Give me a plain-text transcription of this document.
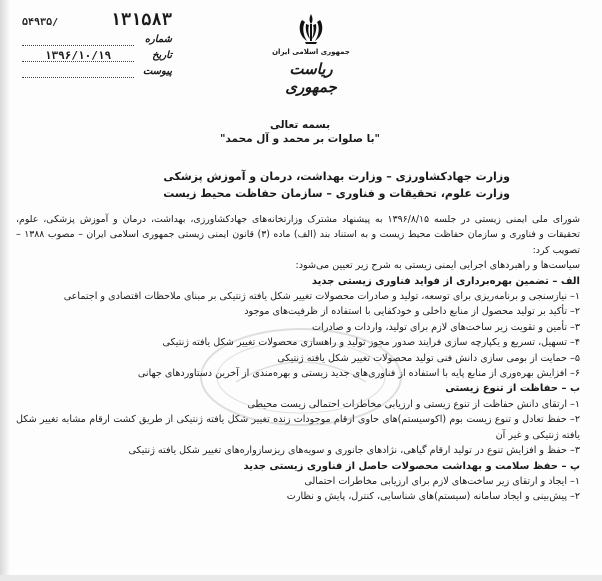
۵۴۹۳۵/	۱۳۱۵۸۳
شماره
تاریخ
۱۳۹۶/۱۰/۱۹
پیوست
جمهوری اسلامی ایران
ریاست جمهوری
بسمه تعالی
"با صلوات بر محمد و آل محمد"
وزارت جهادکشاورزی – وزارت بهداشت، درمان و آموزش پزشکی
وزارت علوم، تحقیقات و فناوری – سازمان حفاظت محیط زیست

شورای ملی ایمنی زیستی در جلسه ۱۳۹۶/۸/۱۵ به پیشنهاد مشترک وزارتخانه‌های جهادکشاورزی، بهداشت، درمان و آموزش پزشکی، علوم، تحقیقات و فناوری و سازمان حفاظت محیط زیست و به استناد بند (الف) ماده (۳) قانون ایمنی زیستی جمهوری اسلامی ایران – مصوب ۱۳۸۸ – تصویب کرد:

سیاست‌ها و راهبردهای اجرایی ایمنی زیستی به شرح زیر تعیین می‌شود:

الف – تضمین بهره‌برداری از فواید فناوری زیستی جدید

۱– نیازسنجی و برنامه‌ریزی برای توسعه، تولید و صادرات محصولات تغییر شکل یافته ژنتیکی بر مبنای ملاحظات اقتصادی و اجتماعی

۲– تأکید بر تولید محصول از منابع داخلی و خودکفایی با استفاده از ظرفیت‌های موجود

۳– تأمین و تقویت زیر ساخت‌های لازم برای تولید، واردات و صادرات

۴– تسهیل، تسریع و یکپارچه سازی فرایند صدور مجوز تولید و راهسازی محصولات تغییر شکل یافته ژنتیکی

۵– حمایت از بومی سازی دانش فنی تولید محصولات تغییر شکل یافته ژنتیکی

۶– افزایش بهره‌وری از منابع پایه با استفاده از فناوری‌های جدید زیستی و بهره‌مندی از آخرین دستاوردهای جهانی

ب – حفاظت از تنوع زیستی

۱– ارتقای دانش حفاظت از تنوع زیستی و ارزیابی مخاطرات احتمالی زیست محیطی

۲– حفظ تعادل و تنوع زیست بوم (اکوسیستم)های حاوی ارقام موجودات زنده تغییر شکل یافته ژنتیکی از طریق کشت ارقام مشابه تغییر شکل یافته ژنتیکی و غیر آن

۳– حفظ و افزایش تنوع در تولید ارقام گیاهی، نژادهای جانوری و سویه‌های ریزسازواره‌های تغییر شکل یافته ژنتیکی

پ – حفظ سلامت و بهداشت محصولات حاصل از فناوری زیستی جدید

۱– ایجاد و ارتقای زیر ساخت‌های لازم برای ارزیابی مخاطرات احتمالی

۲– پیش‌بینی و ایجاد سامانه (سیستم)های شناسایی، کنترل، پایش و نظارت
